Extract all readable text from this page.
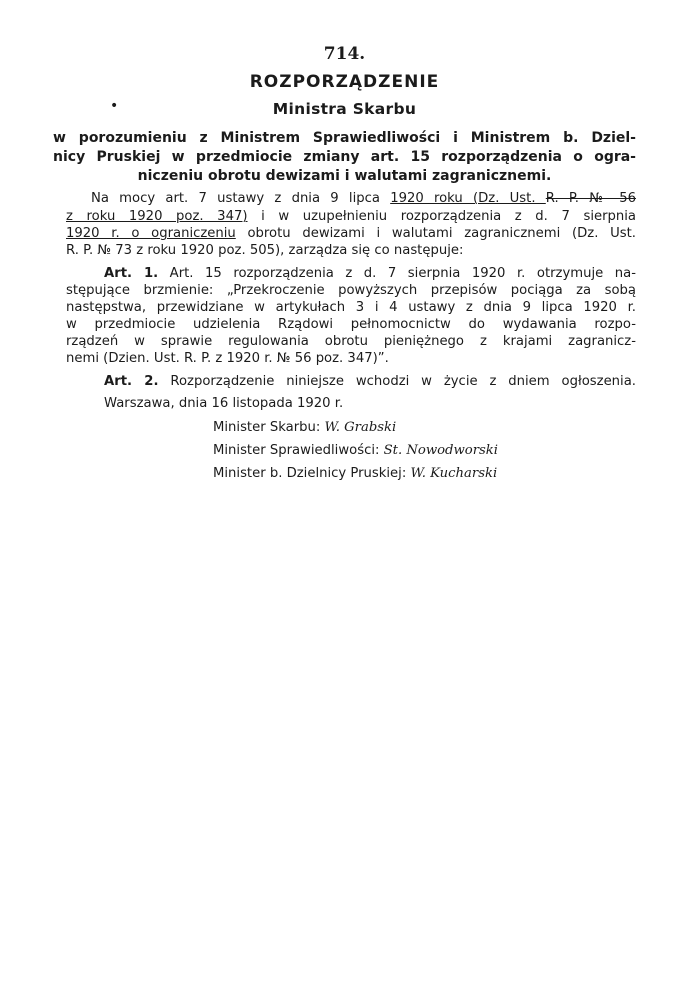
714.
ROZPORZĄDZENIE
•	Ministra Skarbu
w porozumieniu z Ministrem Sprawiedliwości i Ministrem b. Dziel-
nicy Pruskiej w przedmiocie zmiany art. 15 rozporządzenia o ogra-
niczeniu obrotu dewizami i walutami zagranicznemi.
Na mocy art. 7 ustawy z dnia 9 lipca 1920 roku (Dz. Ust. R. P. № 56
z roku 1920 poz. 347) i w uzupełnieniu rozporządzenia z d. 7 sierpnia
1920 r. o ograniczeniu obrotu dewizami i walutami zagranicznemi (Dz. Ust.
R. P. № 73 z roku 1920 poz. 505), zarządza się co następuje:
Art. 1. Art. 15 rozporządzenia z d. 7 sierpnia 1920 r. otrzymuje na-
stępujące brzmienie: „Przekroczenie powyższych przepisów pociąga za sobą
następstwa, przewidziane w artykułach 3 i 4 ustawy z dnia 9 lipca 1920 r.
w przedmiocie udzielenia Rządowi pełnomocnictw do wydawania rozpo-
rządzeń w sprawie regulowania obrotu pieniężnego z krajami zagranicz-
nemi (Dzien. Ust. R. P. z 1920 r. № 56 poz. 347)”.
Art. 2. Rozporządzenie niniejsze wchodzi w życie z dniem ogłoszenia.
Warszawa, dnia 16 listopada 1920 r.
Minister Skarbu: W. Grabski
Minister Sprawiedliwości: St. Nowodworski
Minister b. Dzielnicy Pruskiej: W. Kucharski
